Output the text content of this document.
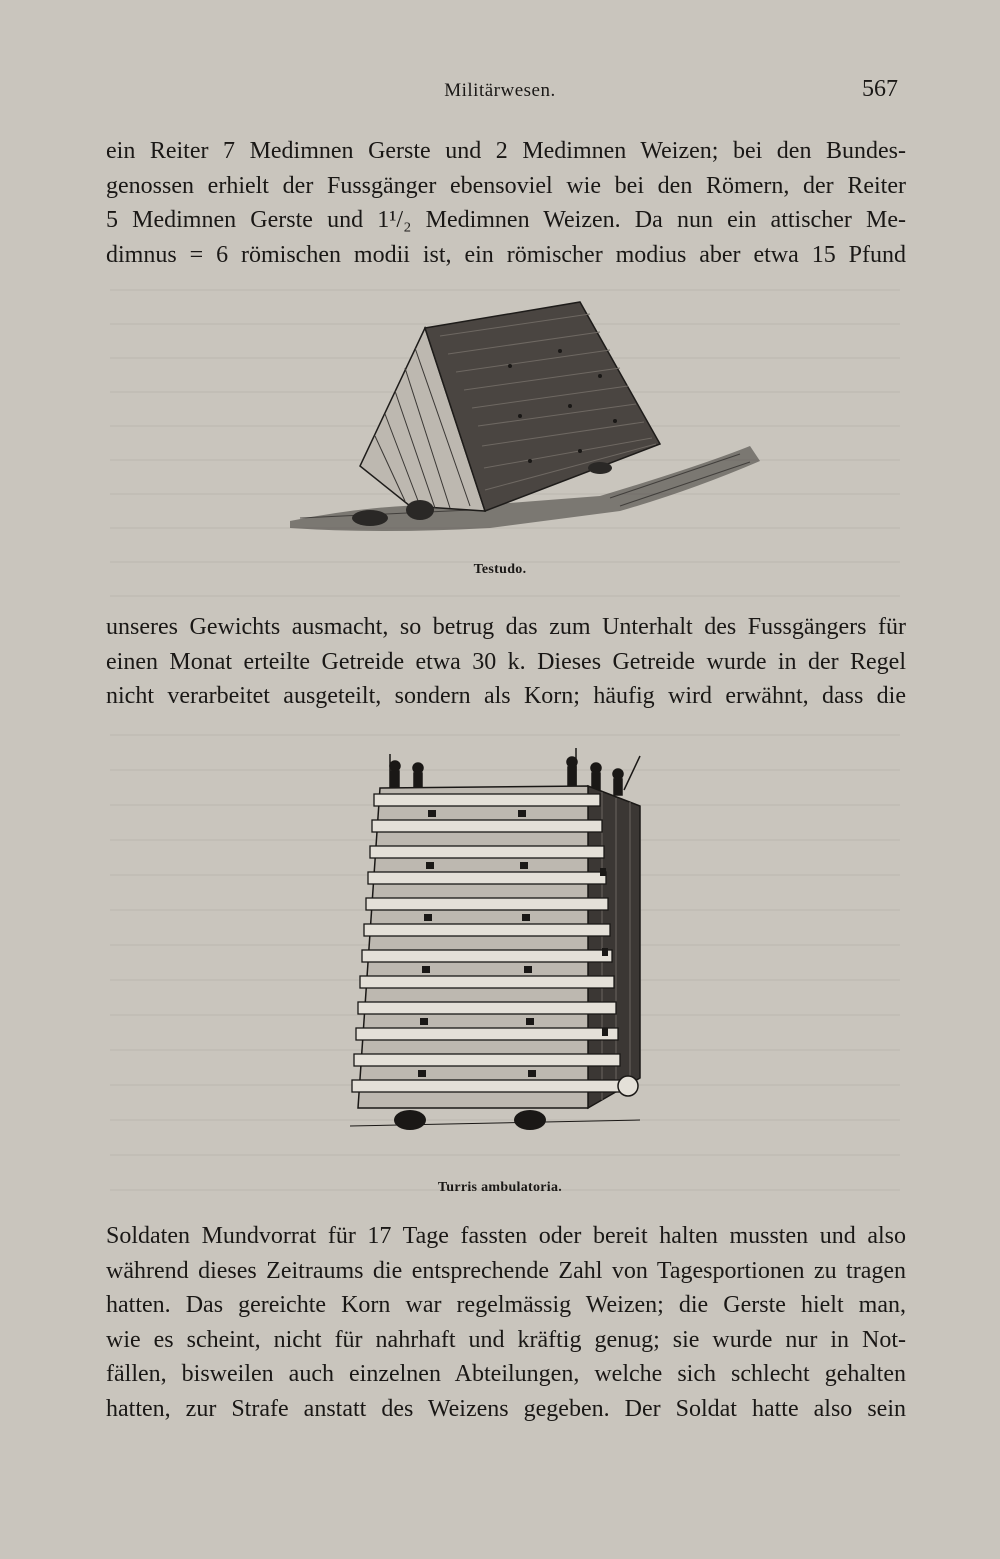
Militärwesen.	567
ein Reiter 7 Medimnen Gerste und 2 Medimnen Weizen; bei den Bundes-
genossen erhielt der Fussgänger ebensoviel wie bei den Römern, der Reiter
5 Medimnen Gerste und 1¹/₂ Medimnen Weizen. Da nun ein attischer Me-
dimnus = 6 römischen modii ist, ein römischer modius aber etwa 15 Pfund
Testudo.
unseres Gewichts ausmacht, so betrug das zum Unterhalt des Fussgängers für
einen Monat erteilte Getreide etwa 30 k. Dieses Getreide wurde in der Regel
nicht verarbeitet ausgeteilt, sondern als Korn; häufig wird erwähnt, dass die
Turris ambulatoria.
Soldaten Mundvorrat für 17 Tage fassten oder bereit halten mussten und also
während dieses Zeitraums die entsprechende Zahl von Tagesportionen zu tragen
hatten. Das gereichte Korn war regelmässig Weizen; die Gerste hielt man,
wie es scheint, nicht für nahrhaft und kräftig genug; sie wurde nur in Not-
fällen, bisweilen auch einzelnen Abteilungen, welche sich schlecht gehalten
hatten, zur Strafe anstatt des Weizens gegeben. Der Soldat hatte also sein
